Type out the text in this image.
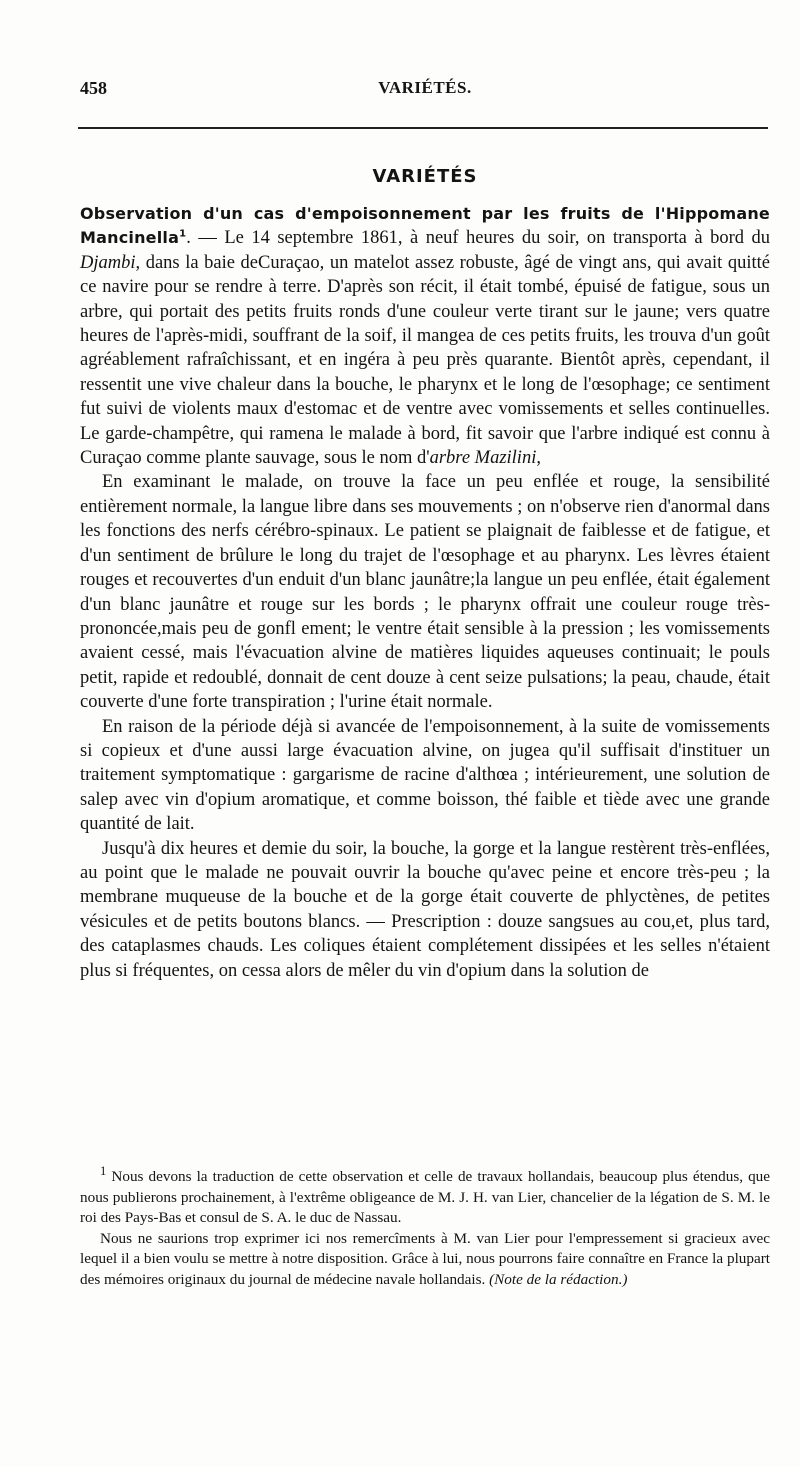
458	VARIÉTÉS.
VARIÉTÉS

Observation d'un cas d'empoisonnement par les fruits de l'Hippomane Mancinella$^1$. — Le 14 septembre 1861, à neuf heures du soir, on transporta à bord du Djambi, dans la baie deCuraçao, un matelot assez robuste, âgé de vingt ans, qui avait quitté ce navire pour se rendre à terre. D'après son récit, il était tombé, épuisé de fatigue, sous un arbre, qui portait des petits fruits ronds d'une couleur verte tirant sur le jaune; vers quatre heures de l'après-midi, souffrant de la soif, il mangea de ces petits fruits, les trouva d'un goût agréablement rafraîchissant, et en ingéra à peu près quarante. Bientôt après, cependant, il ressentit une vive chaleur dans la bouche, le pharynx et le long de l'œsophage; ce sentiment fut suivi de violents maux d'estomac et de ventre avec vomissements et selles continuelles. Le garde-champêtre, qui ramena le malade à bord, fit savoir que l'arbre indiqué est connu à Curaçao comme plante sauvage, sous le nom d'arbre Mazilini,

En examinant le malade, on trouve la face un peu enflée et rouge, la sensibilité entièrement normale, la langue libre dans ses mouvements ; on n'observe rien d'anormal dans les fonctions des nerfs cérébro-spinaux. Le patient se plaignait de faiblesse et de fatigue, et d'un sentiment de brûlure le long du trajet de l'œsophage et au pharynx. Les lèvres étaient rouges et recouvertes d'un enduit d'un blanc jaunâtre;la langue un peu enflée, était également d'un blanc jaunâtre et rouge sur les bords ; le pharynx offrait une couleur rouge très-prononcée,mais peu de gonfl ement; le ventre était sensible à la pression ; les vomissements avaient cessé, mais l'évacuation alvine de matières liquides aqueuses continuait; le pouls petit, rapide et redoublé, donnait de cent douze à cent seize pulsations; la peau, chaude, était couverte d'une forte transpiration ; l'urine était normale.

En raison de la période déjà si avancée de l'empoisonnement, à la suite de vomissements si copieux et d'une aussi large évacuation alvine, on jugea qu'il suffisait d'instituer un traitement symptomatique : gargarisme de racine d'althœa ; intérieurement, une solution de salep avec vin d'opium aromatique, et comme boisson, thé faible et tiède avec une grande quantité de lait.

Jusqu'à dix heures et demie du soir, la bouche, la gorge et la langue restèrent très-enflées, au point que le malade ne pouvait ouvrir la bouche qu'avec peine et encore très-peu ; la membrane muqueuse de la bouche et de la gorge était couverte de phlyctènes, de petites vésicules et de petits boutons blancs. — Prescription : douze sangsues au cou,et, plus tard, des cataplasmes chauds. Les coliques étaient complétement dissipées et les selles n'étaient plus si fréquentes, on cessa alors de mêler du vin d'opium dans la solution de

$^1$ Nous devons la traduction de cette observation et celle de travaux hollandais, beaucoup plus étendus, que nous publierons prochainement, à l'extrême obligeance de M. J. H. van Lier, chancelier de la légation de S. M. le roi des Pays-Bas et consul de S. A. le duc de Nassau.

Nous ne saurions trop exprimer ici nos remercîments à M. van Lier pour l'empressement si gracieux avec lequel il a bien voulu se mettre à notre disposition. Grâce à lui, nous pourrons faire connaître en France la plupart des mémoires originaux du journal de médecine navale hollandais. (Note de la rédaction.)
